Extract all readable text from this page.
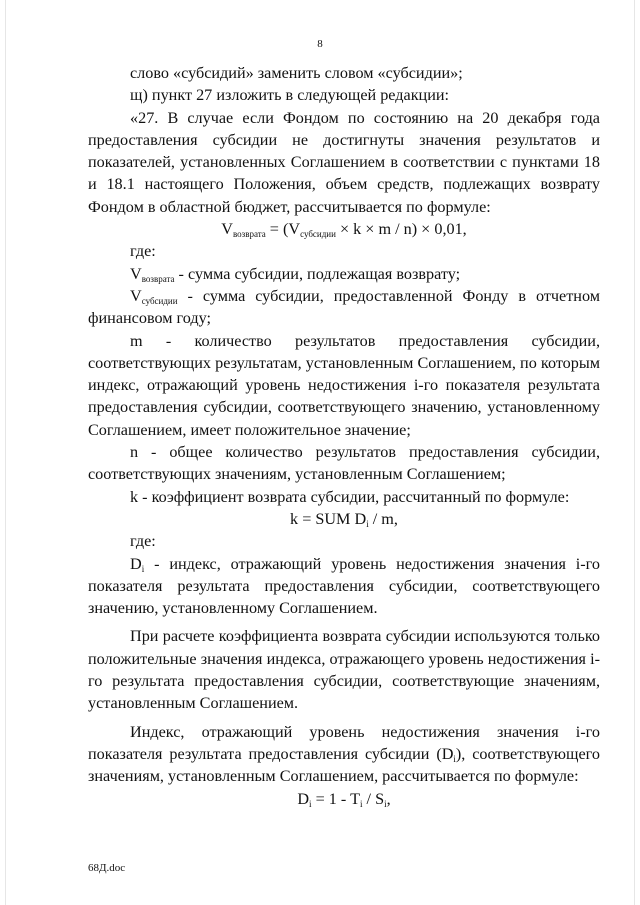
8

слово «субсидий» заменить словом «субсидии»;

щ) пункт 27 изложить в следующей редакции:

«27. В случае если Фондом по состоянию на 20 декабря года предоставления субсидии не достигнуты значения результатов и показателей, установленных Соглашением в соответствии с пунктами 18 и 18.1 настоящего Положения, объем средств, подлежащих возврату Фондом в областной бюджет, рассчитывается по формуле:

$V_{возврата} = (V_{субсидии} \times k \times m / n) \times 0,01$,

где:

$V_{возврата}$ - сумма субсидии, подлежащая возврату;

$V_{субсидии}$ - сумма субсидии, предоставленной Фонду в отчетном финансовом году;

m - количество результатов предоставления субсидии, соответствующих результатам, установленным Соглашением, по которым индекс, отражающий уровень недостижения i-го показателя результата предоставления субсидии, соответствующего значению, установленному Соглашением, имеет положительное значение;

n - общее количество результатов предоставления субсидии, соответствующих значениям, установленным Соглашением;

k - коэффициент возврата субсидии, рассчитанный по формуле:

k = SUM $D_i$ / m,

где:

$D_i$ - индекс, отражающий уровень недостижения значения i-го показателя результата предоставления субсидии, соответствующего значению, установленному Соглашением.

При расчете коэффициента возврата субсидии используются только положительные значения индекса, отражающего уровень недостижения i-го результата предоставления субсидии, соответствующие значениям, установленным Соглашением.

Индекс, отражающий уровень недостижения значения i-го показателя результата предоставления субсидии $(D_i)$, соответствующего значениям, установленным Соглашением, рассчитывается по формуле:

$D_i = 1 - T_i / S_i$,

68Д.doc
